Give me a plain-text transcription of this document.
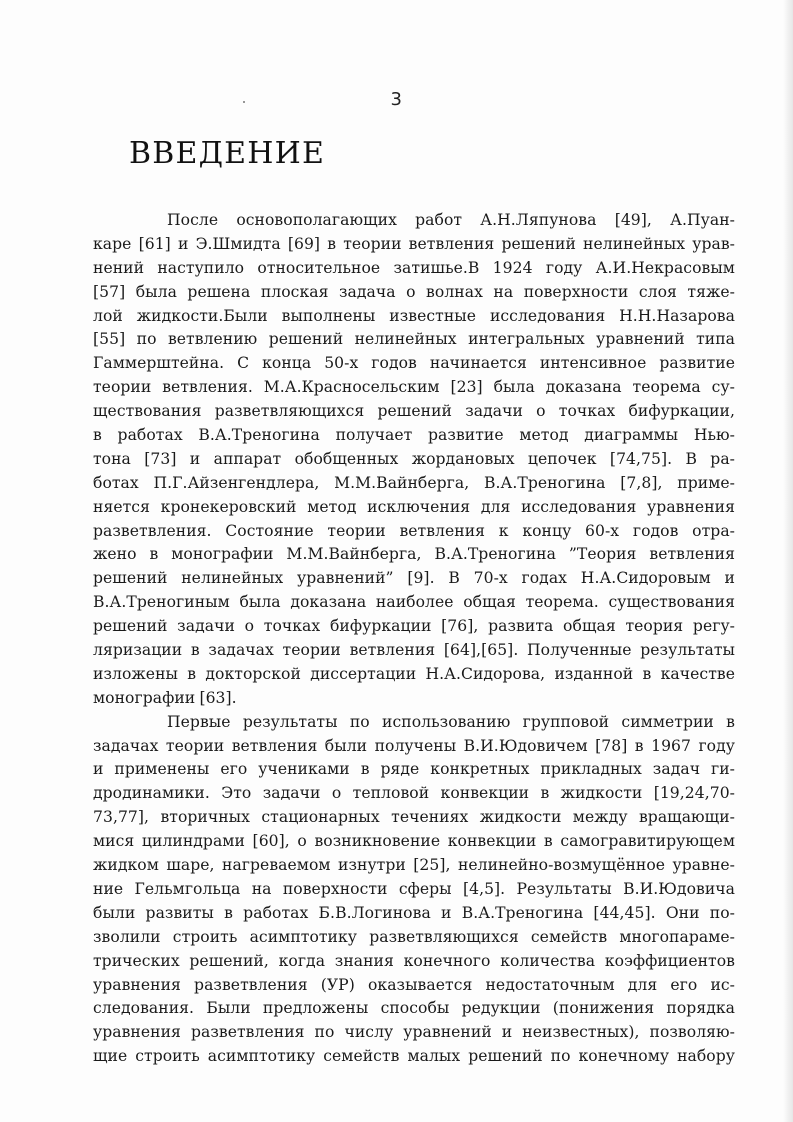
3
ВВЕДЕНИЕ
После основополагающих работ А.Н.Ляпунова [49], А.Пуан-
каре [61] и Э.Шмидта [69] в теории ветвления решений нелинейных урав-
нений наступило относительное затишье.В 1924 году А.И.Некрасовым
[57] была решена плоская задача о волнах на поверхности слоя тяже-
лой жидкости.Были выполнены известные исследования Н.Н.Назарова
[55] по ветвлению решений нелинейных интегральных уравнений типа
Гаммерштейна. С конца 50-х годов начинается интенсивное развитие
теории ветвления. М.А.Красносельским [23] была доказана теорема су-
ществования разветвляющихся решений задачи о точках бифуркации,
в работах В.А.Треногина получает развитие метод диаграммы Нью-
тона [73] и аппарат обобщенных жордановых цепочек [74,75]. В ра-
ботах П.Г.Айзенгендлера, М.М.Вайнберга, В.А.Треногина [7,8], приме-
няется кронекеровский метод исключения для исследования уравнения
разветвления. Состояние теории ветвления к концу 60-х годов отра-
жено в монографии М.М.Вайнберга, В.А.Треногина ”Теория ветвления
решений нелинейных уравнений” [9]. В 70-х годах Н.А.Сидоровым и
В.А.Треногиным была доказана наиболее общая теорема. существования
решений задачи о точках бифуркации [76], развита общая теория регу-
ляризации в задачах теории ветвления [64],[65]. Полученные результаты
изложены в докторской диссертации Н.А.Сидорова, изданной в качестве
монографии [63].
Первые результаты по использованию групповой симметрии в
задачах теории ветвления были получены В.И.Юдовичем [78] в 1967 году
и применены его учениками в ряде конкретных прикладных задач ги-
дродинамики. Это задачи о тепловой конвекции в жидкости [19,24,70-
73,77], вторичных стационарных течениях жидкости между вращающи-
мися цилиндрами [60], о возникновение конвекции в самогравитирующем
жидком шаре, нагреваемом изнутри [25], нелинейно-возмущённое уравне-
ние Гельмгольца на поверхности сферы [4,5]. Результаты В.И.Юдовича
были развиты в работах Б.В.Логинова и В.А.Треногина [44,45]. Они по-
зволили строить асимптотику разветвляющихся семейств многопарамe-
трических решений, когда знания конечного количества коэффициентов
уравнения разветвления (УР) оказывается недостаточным для его ис-
следования. Были предложены способы редукции (понижения порядка
уравнения разветвления по числу уравнений и неизвестных), позволяю-
щие строить асимптотику семейств малых решений по конечному набору
